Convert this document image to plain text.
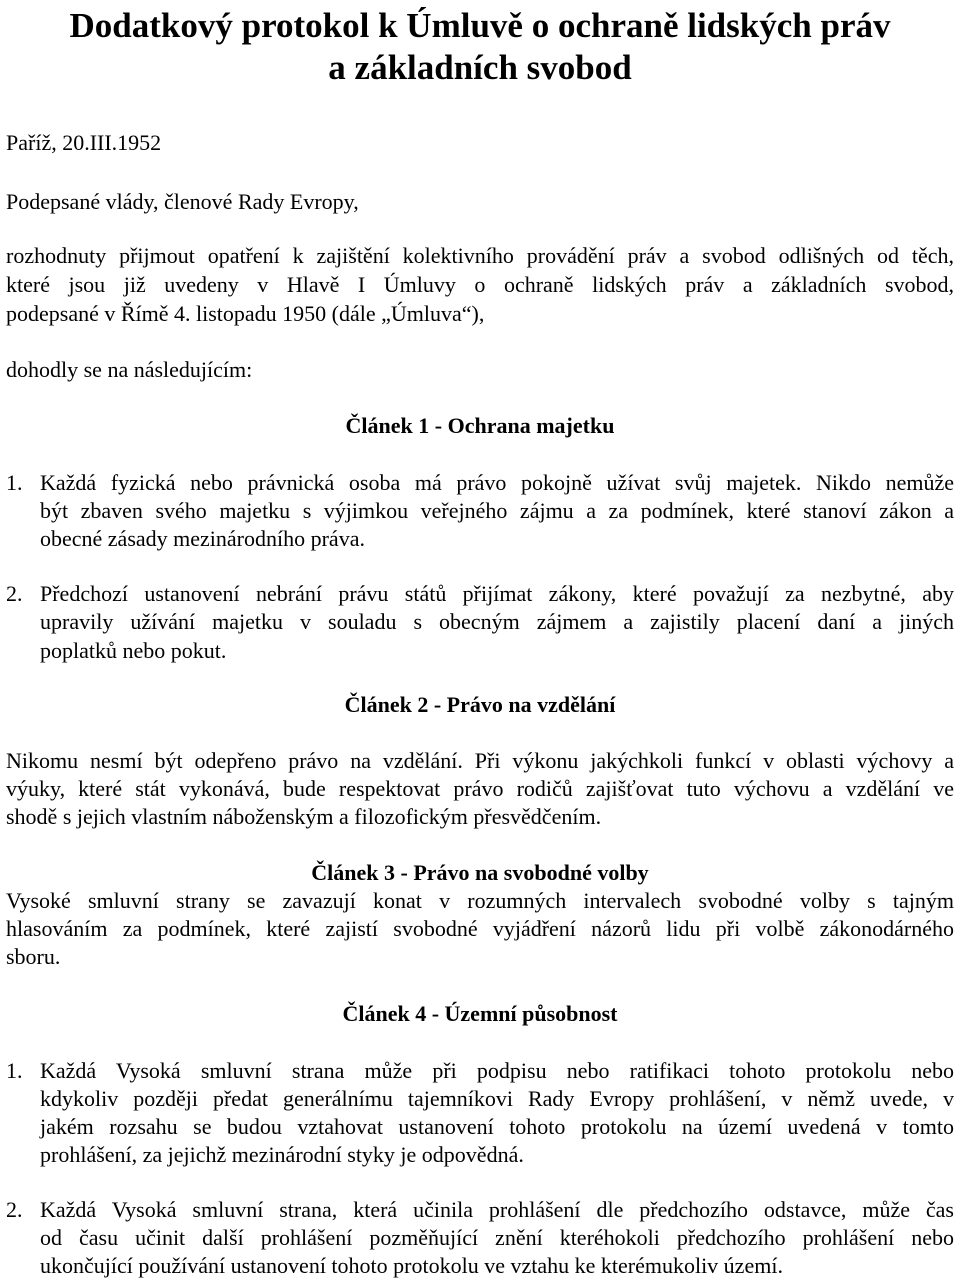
Dodatkový protokol k Úmluvě o ochraně lidských práv
a základních svobod
Paříž, 20.III.1952
Podepsané vlády, členové Rady Evropy,
rozhodnuty přijmout opatření k zajištění kolektivního provádění práv a svobod odlišných od těch,
které jsou již uvedeny v Hlavě I Úmluvy o ochraně lidských práv a základních svobod,
podepsané v Římě 4. listopadu 1950 (dále „Úmluva“),
dohodly se na následujícím:
Článek 1 - Ochrana majetku
1. Každá fyzická nebo právnická osoba má právo pokojně užívat svůj majetek. Nikdo nemůže
být zbaven svého majetku s výjimkou veřejného zájmu a za podmínek, které stanoví zákon a
obecné zásady mezinárodního práva.
2. Předchozí ustanovení nebrání právu států přijímat zákony, které považují za nezbytné, aby
upravily užívání majetku v souladu s obecným zájmem a zajistily placení daní a jiných
poplatků nebo pokut.
Článek 2 - Právo na vzdělání
Nikomu nesmí být odepřeno právo na vzdělání. Při výkonu jakýchkoli funkcí v oblasti výchovy a
výuky, které stát vykonává, bude respektovat právo rodičů zajišťovat tuto výchovu a vzdělání ve
shodě s jejich vlastním náboženským a filozofickým přesvědčením.
Článek 3 - Právo na svobodné volby
Vysoké smluvní strany se zavazují konat v rozumných intervalech svobodné volby s tajným
hlasováním za podmínek, které zajistí svobodné vyjádření názorů lidu při volbě zákonodárného
sboru.
Článek 4 - Územní působnost
1. Každá Vysoká smluvní strana může při podpisu nebo ratifikaci tohoto protokolu nebo
kdykoliv později předat generálnímu tajemníkovi Rady Evropy prohlášení, v němž uvede, v
jakém rozsahu se budou vztahovat ustanovení tohoto protokolu na území uvedená v tomto
prohlášení, za jejichž mezinárodní styky je odpovědná.
2. Každá Vysoká smluvní strana, která učinila prohlášení dle předchozího odstavce, může čas
od času učinit další prohlášení pozměňující znění kteréhokoli předchozího prohlášení nebo
ukončující používání ustanovení tohoto protokolu ve vztahu ke kterémukoliv území.
